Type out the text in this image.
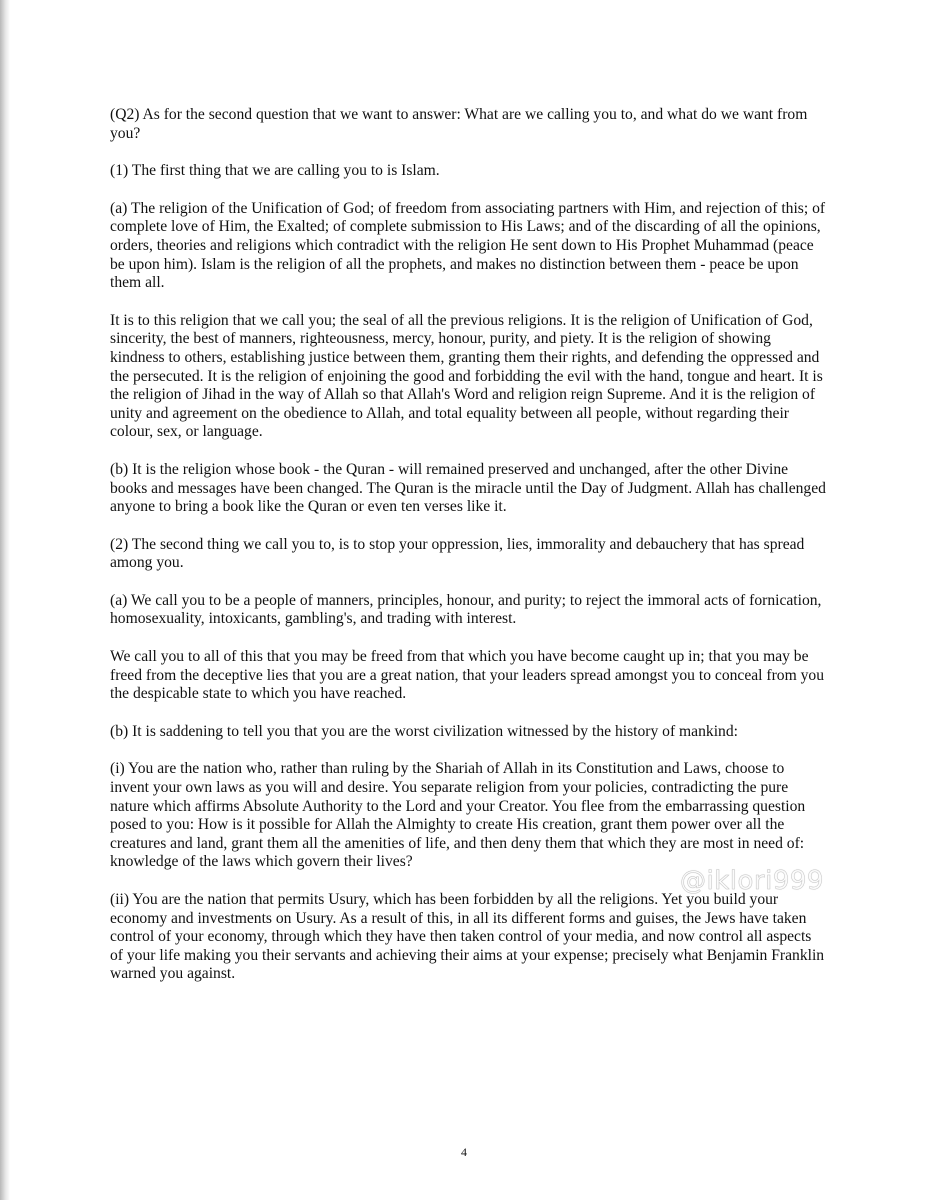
(Q2) As for the second question that we want to answer: What are we calling you to, and what do we want from you?

(1) The first thing that we are calling you to is Islam.

(a) The religion of the Unification of God; of freedom from associating partners with Him, and rejection of this; of complete love of Him, the Exalted; of complete submission to His Laws; and of the discarding of all the opinions, orders, theories and religions which contradict with the religion He sent down to His Prophet Muhammad (peace be upon him). Islam is the religion of all the prophets, and makes no distinction between them - peace be upon them all.

It is to this religion that we call you; the seal of all the previous religions. It is the religion of Unification of God, sincerity, the best of manners, righteousness, mercy, honour, purity, and piety. It is the religion of showing kindness to others, establishing justice between them, granting them their rights, and defending the oppressed and the persecuted. It is the religion of enjoining the good and forbidding the evil with the hand, tongue and heart. It is the religion of Jihad in the way of Allah so that Allah's Word and religion reign Supreme. And it is the religion of unity and agreement on the obedience to Allah, and total equality between all people, without regarding their colour, sex, or language.

(b) It is the religion whose book - the Quran - will remained preserved and unchanged, after the other Divine books and messages have been changed. The Quran is the miracle until the Day of Judgment. Allah has challenged anyone to bring a book like the Quran or even ten verses like it.

(2) The second thing we call you to, is to stop your oppression, lies, immorality and debauchery that has spread among you.

(a) We call you to be a people of manners, principles, honour, and purity; to reject the immoral acts of fornication, homosexuality, intoxicants, gambling's, and trading with interest.

We call you to all of this that you may be freed from that which you have become caught up in; that you may be freed from the deceptive lies that you are a great nation, that your leaders spread amongst you to conceal from you the despicable state to which you have reached.

(b) It is saddening to tell you that you are the worst civilization witnessed by the history of mankind:

(i) You are the nation who, rather than ruling by the Shariah of Allah in its Constitution and Laws, choose to invent your own laws as you will and desire. You separate religion from your policies, contradicting the pure nature which affirms Absolute Authority to the Lord and your Creator. You flee from the embarrassing question posed to you: How is it possible for Allah the Almighty to create His creation, grant them power over all the creatures and land, grant them all the amenities of life, and then deny them that which they are most in need of: knowledge of the laws which govern their lives?

(ii) You are the nation that permits Usury, which has been forbidden by all the religions. Yet you build your economy and investments on Usury. As a result of this, in all its different forms and guises, the Jews have taken control of your economy, through which they have then taken control of your media, and now control all aspects of your life making you their servants and achieving their aims at your expense; precisely what Benjamin Franklin warned you against.

@iklori999
4
